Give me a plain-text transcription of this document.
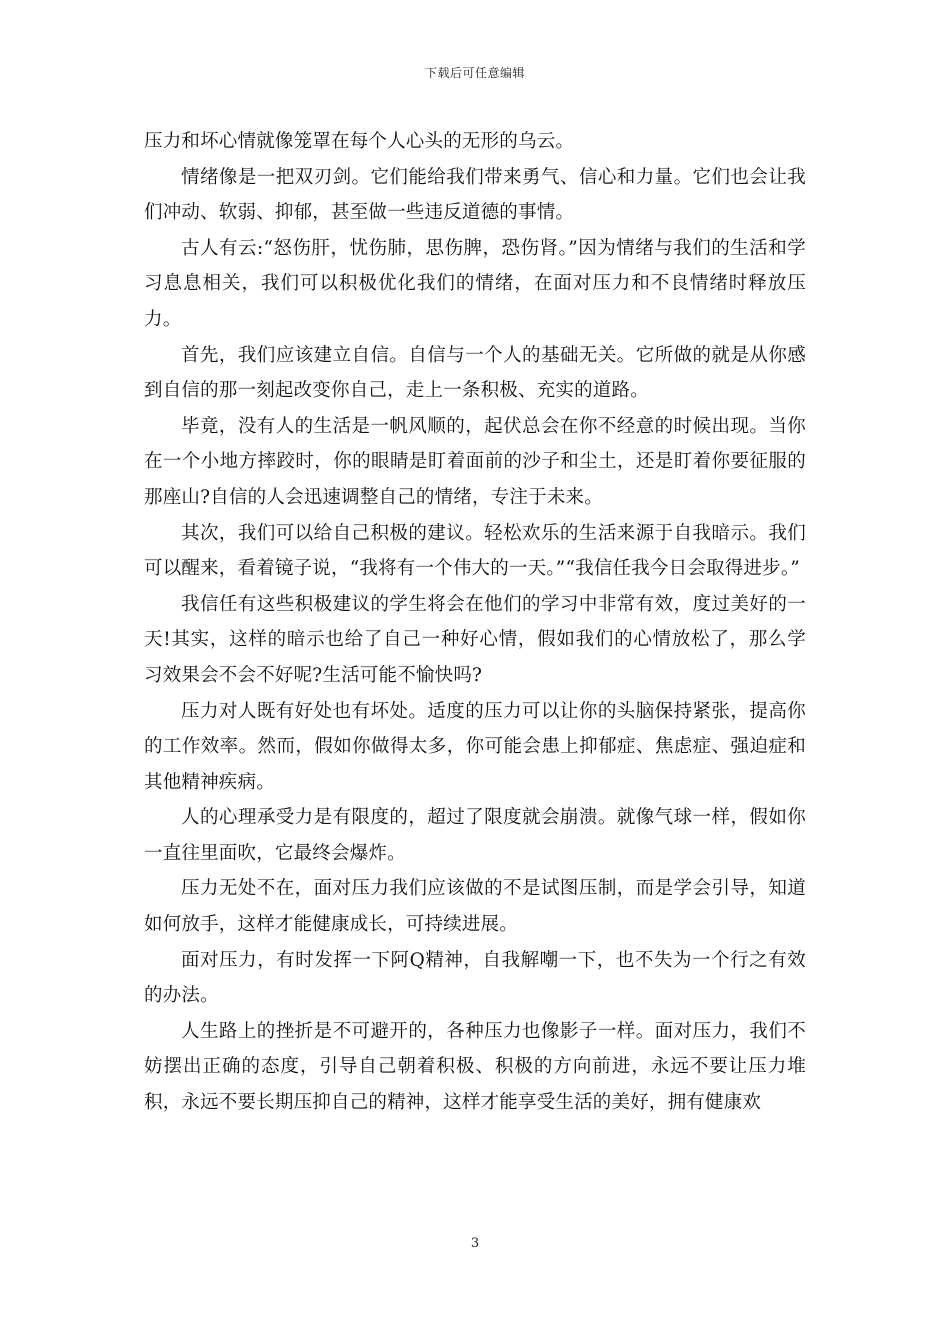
下载后可任意编辑

压力和坏心情就像笼罩在每个人心头的无形的乌云。

情绪像是一把双刃剑。它们能给我们带来勇气、信心和力量。它们也会让我们冲动、软弱、抑郁，甚至做一些违反道德的事情。

古人有云:“怒伤肝，忧伤肺，思伤脾，恐伤肾。”因为情绪与我们的生活和学习息息相关，我们可以积极优化我们的情绪，在面对压力和不良情绪时释放压力。

首先，我们应该建立自信。自信与一个人的基础无关。它所做的就是从你感到自信的那一刻起改变你自己，走上一条积极、充实的道路。

毕竟，没有人的生活是一帆风顺的，起伏总会在你不经意的时候出现。当你在一个小地方摔跤时，你的眼睛是盯着面前的沙子和尘土，还是盯着你要征服的那座山?自信的人会迅速调整自己的情绪，专注于未来。

其次，我们可以给自己积极的建议。轻松欢乐的生活来源于自我暗示。我们可以醒来，看着镜子说，“我将有一个伟大的一天。”“我信任我今日会取得进步。”

我信任有这些积极建议的学生将会在他们的学习中非常有效，度过美好的一天!其实，这样的暗示也给了自己一种好心情，假如我们的心情放松了，那么学习效果会不会不好呢?生活可能不愉快吗?

压力对人既有好处也有坏处。适度的压力可以让你的头脑保持紧张，提高你的工作效率。然而，假如你做得太多，你可能会患上抑郁症、焦虑症、强迫症和其他精神疾病。

人的心理承受力是有限度的，超过了限度就会崩溃。就像气球一样，假如你一直往里面吹，它最终会爆炸。

压力无处不在，面对压力我们应该做的不是试图压制，而是学会引导，知道如何放手，这样才能健康成长，可持续进展。

面对压力，有时发挥一下阿Q精神，自我解嘲一下，也不失为一个行之有效的办法。

人生路上的挫折是不可避开的，各种压力也像影子一样。面对压力，我们不妨摆出正确的态度，引导自己朝着积极、积极的方向前进，永远不要让压力堆积，永远不要长期压抑自己的精神，这样才能享受生活的美好，拥有健康欢

3
